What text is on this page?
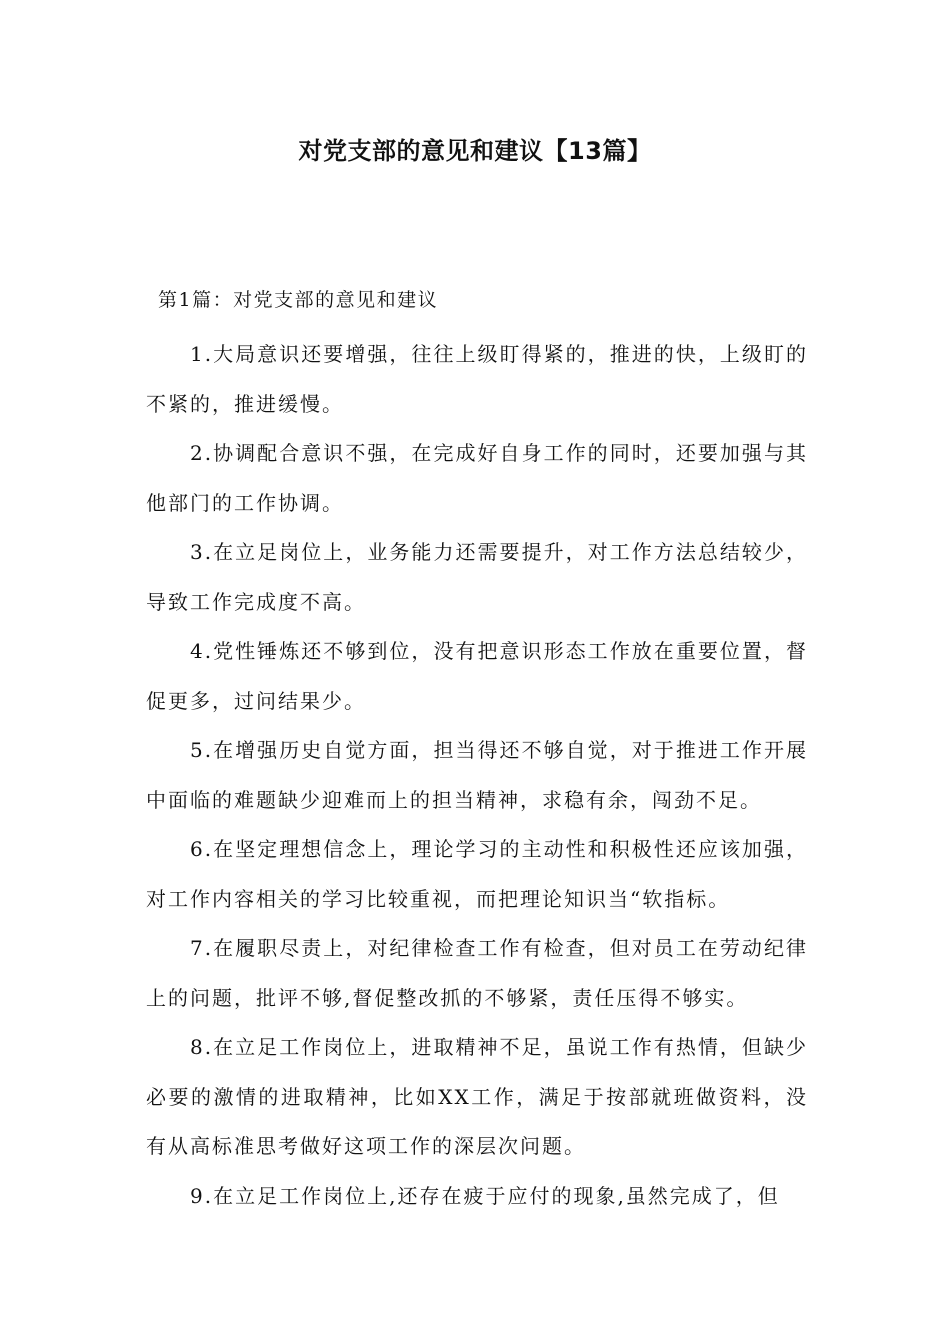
对党支部的意见和建议【13篇】

第1篇：对党支部的意见和建议

1.大局意识还要增强，往往上级盯得紧的，推进的快，上级盯的不紧的，推进缓慢。

2.协调配合意识不强，在完成好自身工作的同时，还要加强与其他部门的工作协调。

3.在立足岗位上，业务能力还需要提升，对工作方法总结较少，导致工作完成度不高。

4.党性锤炼还不够到位，没有把意识形态工作放在重要位置，督促更多，过问结果少。

5.在增强历史自觉方面，担当得还不够自觉，对于推进工作开展中面临的难题缺少迎难而上的担当精神，求稳有余，闯劲不足。

6.在坚定理想信念上，理论学习的主动性和积极性还应该加强，对工作内容相关的学习比较重视，而把理论知识当“软指标。

7.在履职尽责上，对纪律检查工作有检查，但对员工在劳动纪律上的问题，批评不够,督促整改抓的不够紧，责任压得不够实。

8.在立足工作岗位上，进取精神不足，虽说工作有热情，但缺少必要的激情的进取精神，比如XX工作，满足于按部就班做资料，没有从高标准思考做好这项工作的深层次问题。

9.在立足工作岗位上,还存在疲于应付的现象,虽然完成了，但
